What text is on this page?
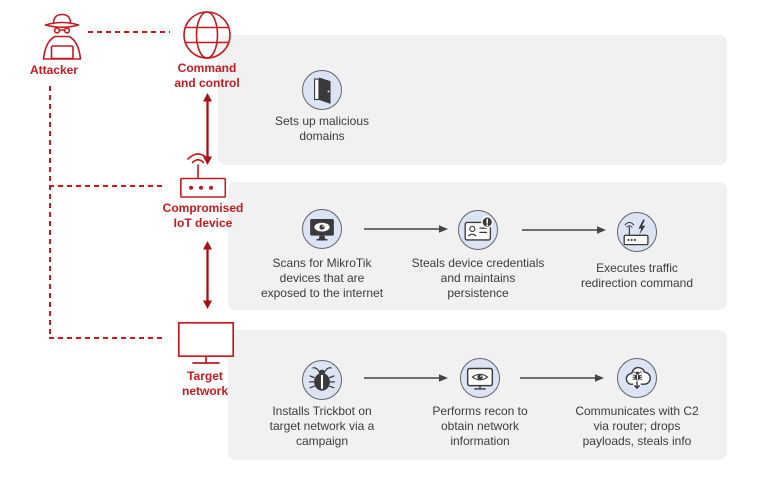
Attacker	Command
and control
Compromised
IoT device
Target
network
Sets up malicious
domains
Scans for MikroTik
devices that are
exposed to the internet
Steals device credentials
and maintains
persistence
Executes traffic
redirection command
Installs Trickbot on
target network via a
campaign
Performs recon to
obtain network
information
Communicates with C2
via router; drops
payloads, steals info
